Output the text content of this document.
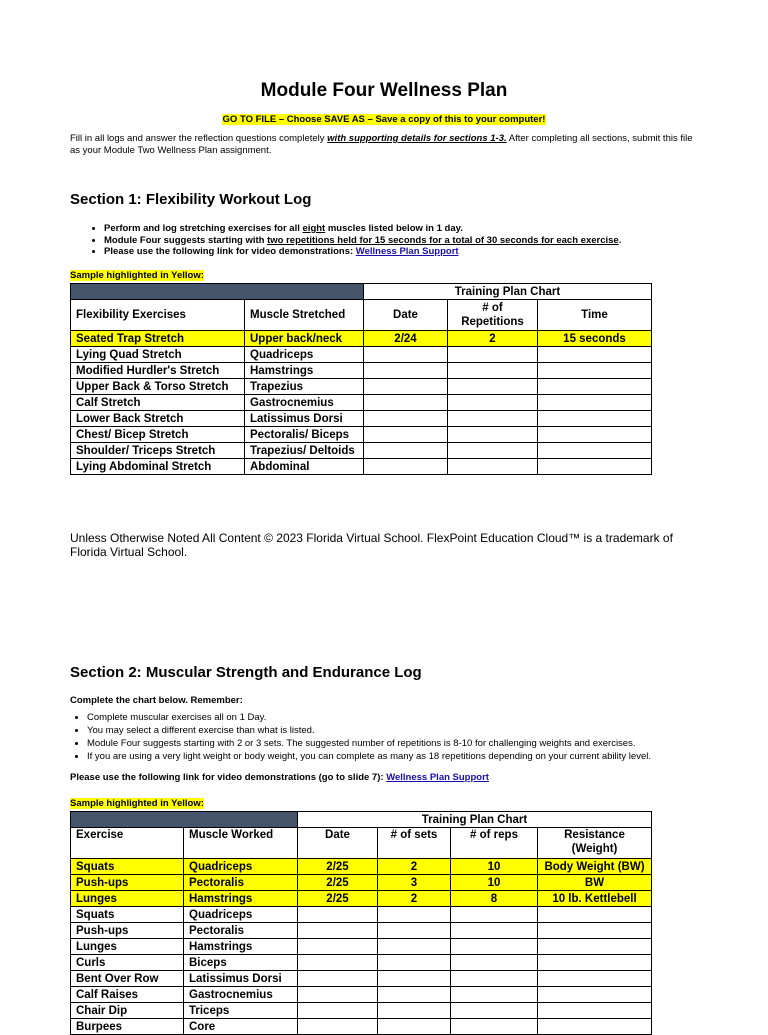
Module Four Wellness Plan
GO TO FILE – Choose SAVE AS – Save a copy of this to your computer!

Fill in all logs and answer the reflection questions completely with supporting details for sections 1-3. After completing all sections, submit this file as your Module Two Wellness Plan assignment.

Section 1: Flexibility Workout Log
• Perform and log stretching exercises for all eight muscles listed below in 1 day.
• Module Four suggests starting with two repetitions held for 15 seconds for a total of 30 seconds for each exercise.
• Please use the following link for video demonstrations: Wellness Plan Support
Sample highlighted in Yellow:
		Training Plan Chart		
Flexibility Exercises	Muscle Stretched	Date	# of Repetitions	Time
Seated Trap Stretch	Upper back/neck	2/24	2	15 seconds
Lying Quad Stretch	Quadriceps			
Modified Hurdler's Stretch	Hamstrings			
Upper Back & Torso Stretch	Trapezius			
Calf Stretch	Gastrocnemius			
Lower Back Stretch	Latissimus Dorsi			
Chest/ Bicep Stretch	Pectoralis/ Biceps			
Shoulder/ Triceps Stretch	Trapezius/ Deltoids			
Lying Abdominal Stretch	Abdominal			

Unless Otherwise Noted All Content © 2023 Florida Virtual School. FlexPoint Education Cloud™ is a trademark of Florida Virtual School.

Section 2: Muscular Strength and Endurance Log
Complete the chart below. Remember:
• Complete muscular exercises all on 1 Day.
• You may select a different exercise than what is listed.
• Module Four suggests starting with 2 or 3 sets. The suggested number of repetitions is 8-10 for challenging weights and exercises.
• If you are using a very light weight or body weight, you can complete as many as 18 repetitions depending on your current ability level.
Please use the following link for video demonstrations (go to slide 7): Wellness Plan Support
Sample highlighted in Yellow:
		Training Plan Chart			
Exercise	Muscle Worked	Date	# of sets	# of reps	Resistance (Weight)
Squats	Quadriceps	2/25	2	10	Body Weight (BW)
Push-ups	Pectoralis	2/25	3	10	BW
Lunges	Hamstrings	2/25	2	8	10 lb. Kettlebell
Squats	Quadriceps				
Push-ups	Pectoralis				
Lunges	Hamstrings				
Curls	Biceps				
Bent Over Row	Latissimus Dorsi				
Calf Raises	Gastrocnemius				
Chair Dip	Triceps				
Burpees	Core				
